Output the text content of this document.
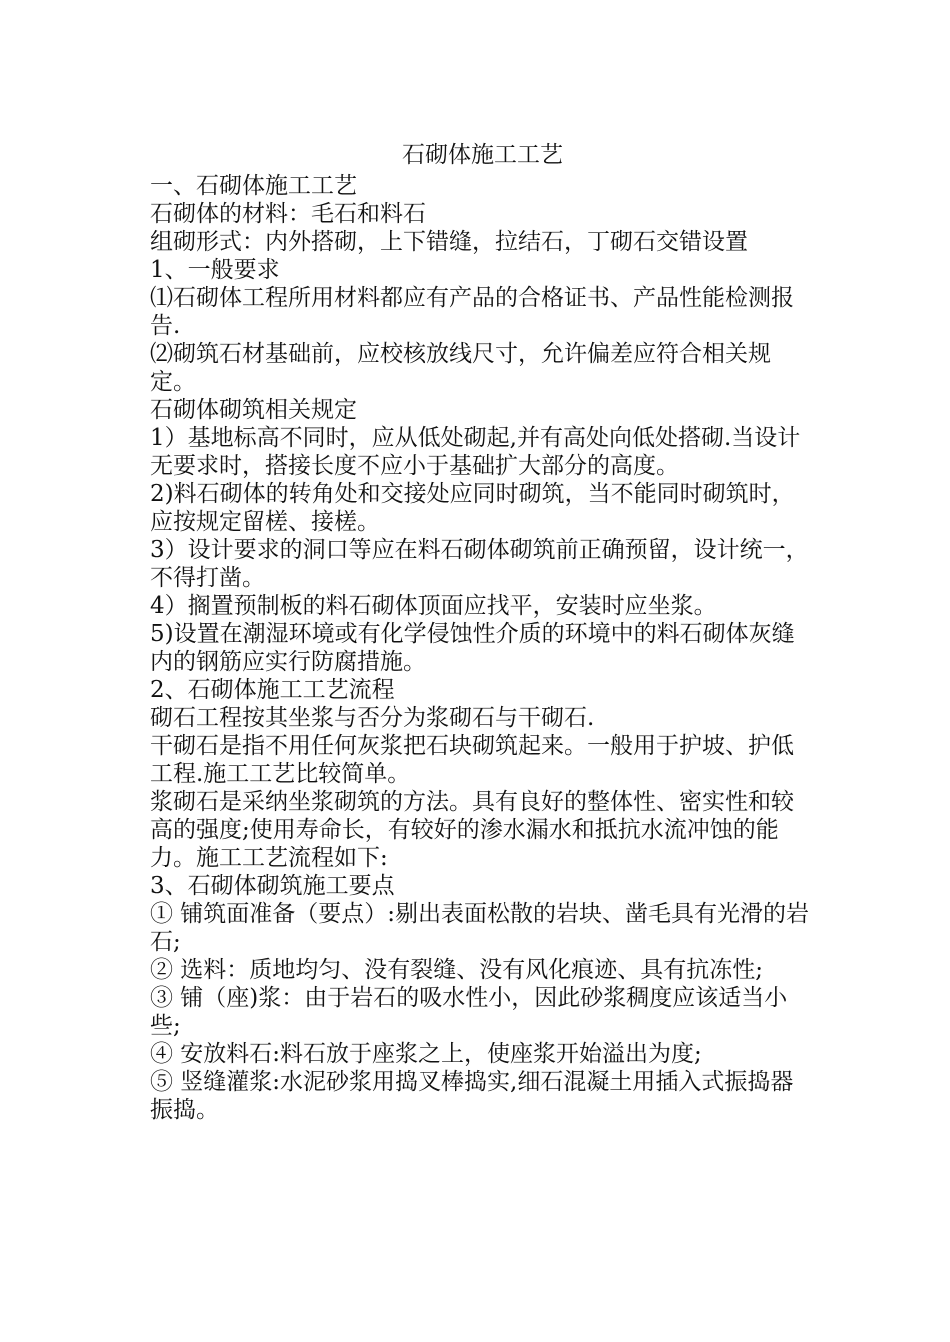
石砌体施工工艺
一、石砌体施工工艺
石砌体的材料：毛石和料石
组砌形式：内外搭砌，上下错缝，拉结石，丁砌石交错设置
1、一般要求
⑴石砌体工程所用材料都应有产品的合格证书、产品性能检测报告.
⑵砌筑石材基础前，应校核放线尺寸，允许偏差应符合相关规定。
石砌体砌筑相关规定
1）基地标高不同时，应从低处砌起,并有高处向低处搭砌.当设计无要求时，搭接长度不应小于基础扩大部分的高度。
2)料石砌体的转角处和交接处应同时砌筑，当不能同时砌筑时，应按规定留槎、接槎。
3）设计要求的洞口等应在料石砌体砌筑前正确预留，设计统一，不得打凿。
4）搁置预制板的料石砌体顶面应找平，安装时应坐浆。
5)设置在潮湿环境或有化学侵蚀性介质的环境中的料石砌体灰缝内的钢筋应实行防腐措施。
2、石砌体施工工艺流程
砌石工程按其坐浆与否分为浆砌石与干砌石.
干砌石是指不用任何灰浆把石块砌筑起来。一般用于护坡、护低工程.施工工艺比较简单。
浆砌石是采纳坐浆砌筑的方法。具有良好的整体性、密实性和较高的强度;使用寿命长，有较好的渗水漏水和抵抗水流冲蚀的能力。施工工艺流程如下:
3、石砌体砌筑施工要点
① 铺筑面准备（要点）:剔出表面松散的岩块、凿毛具有光滑的岩石;
② 选料：质地均匀、没有裂缝、没有风化痕迹、具有抗冻性;
③ 铺（座)浆：由于岩石的吸水性小，因此砂浆稠度应该适当小些;
④ 安放料石:料石放于座浆之上，使座浆开始溢出为度;
⑤ 竖缝灌浆:水泥砂浆用捣叉棒捣实,细石混凝土用插入式振捣器振捣。
